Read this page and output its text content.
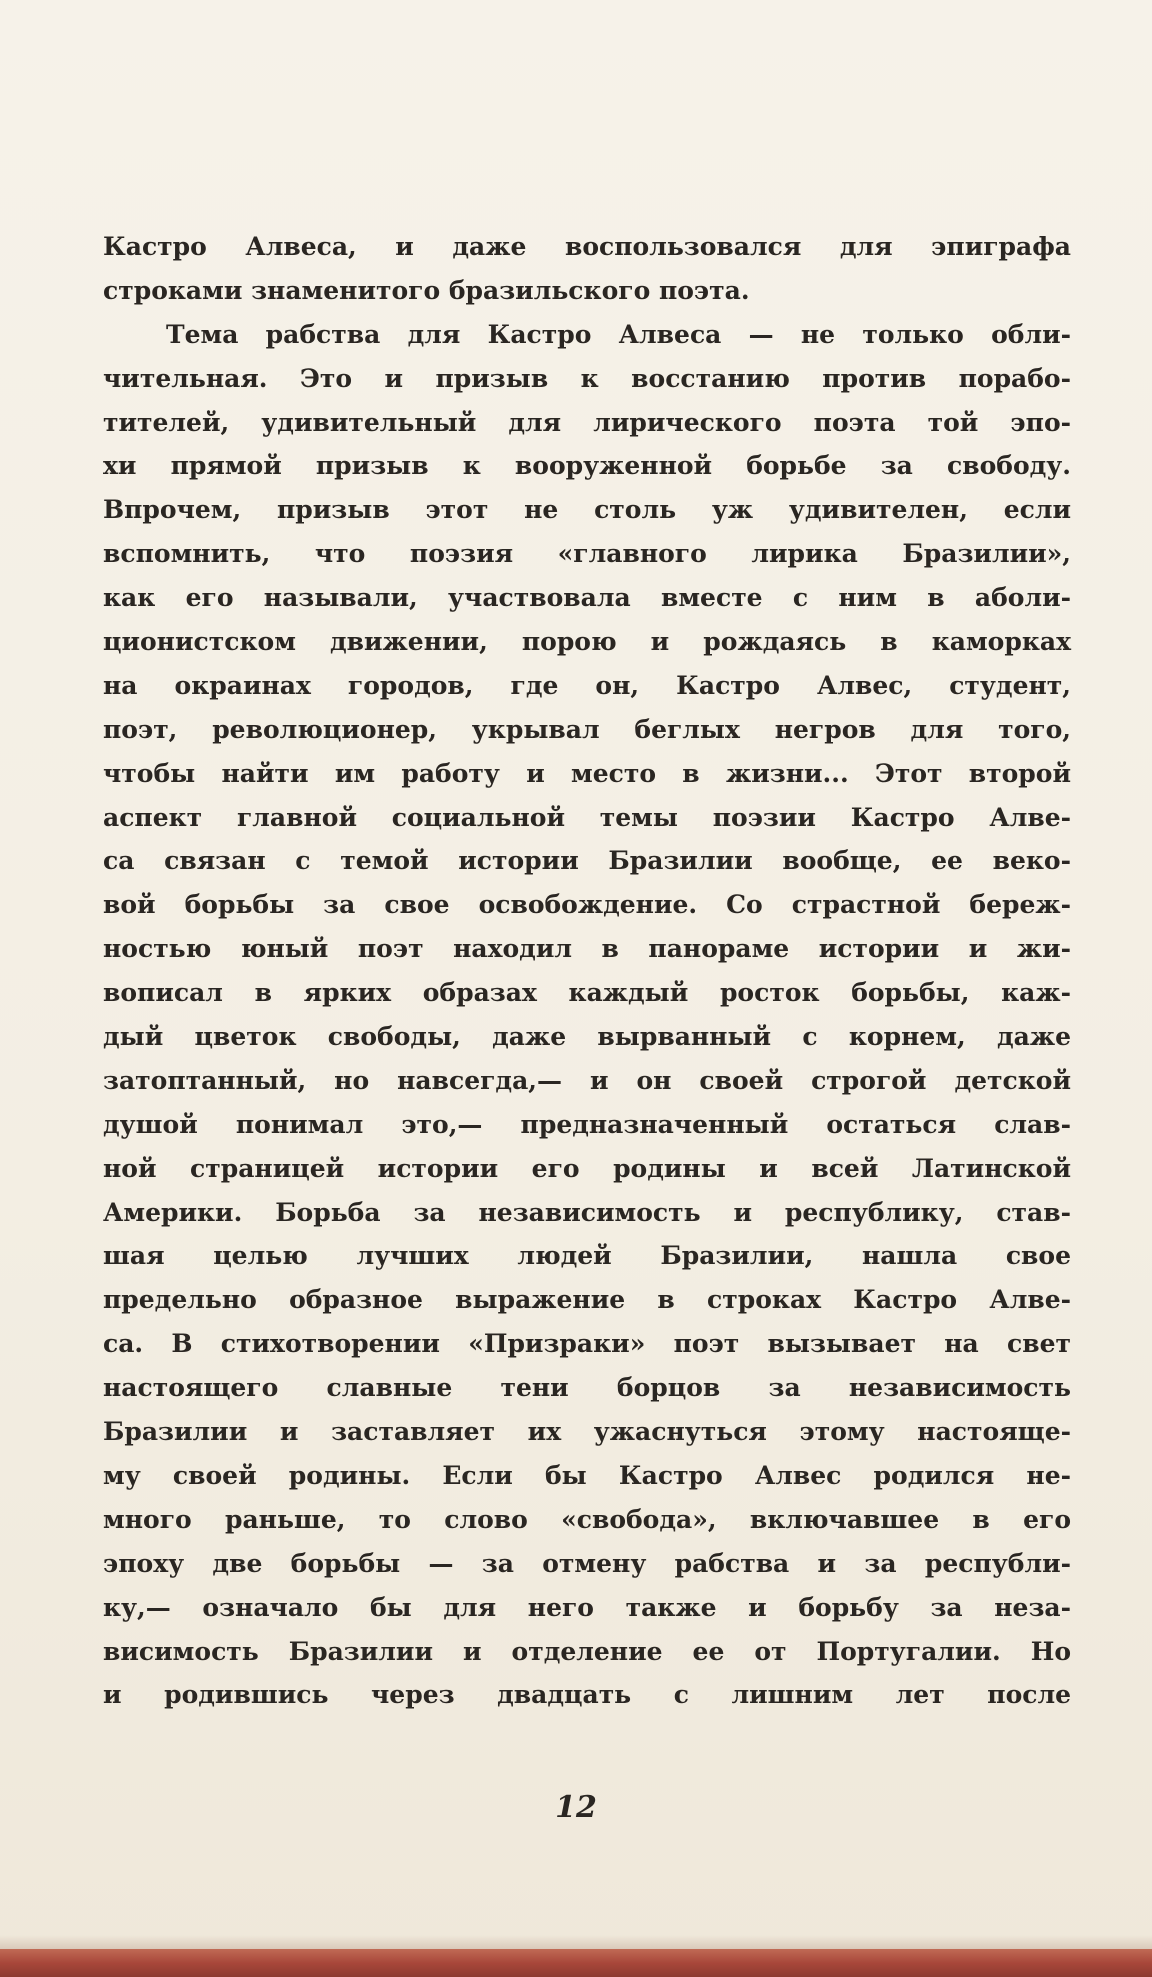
Кастро Алвеса, и даже воспользовался для эпиграфа
строками знаменитого бразильского поэта.
Тема рабства для Кастро Алвеса — не только обли-
чительная. Это и призыв к восстанию против порабо-
тителей, удивительный для лирического поэта той эпо-
хи прямой призыв к вооруженной борьбе за свободу.
Впрочем, призыв этот не столь уж удивителен, если
вспомнить, что поэзия «главного лирика Бразилии»,
как его называли, участвовала вместе с ним в аболи-
ционистском движении, порою и рождаясь в каморках
на окраинах городов, где он, Кастро Алвес, студент,
поэт, революционер, укрывал беглых негров для того,
чтобы найти им работу и место в жизни... Этот второй
аспект главной социальной темы поэзии Кастро Алве-
са связан с темой истории Бразилии вообще, ее веко-
вой борьбы за свое освобождение. Со страстной береж-
ностью юный поэт находил в панораме истории и жи-
вописал в ярких образах каждый росток борьбы, каж-
дый цветок свободы, даже вырванный с корнем, даже
затоптанный, но навсегда,— и он своей строгой детской
душой понимал это,— предназначенный остаться слав-
ной страницей истории его родины и всей Латинской
Америки. Борьба за независимость и республику, став-
шая целью лучших людей Бразилии, нашла свое
предельно образное выражение в строках Кастро Алве-
са. В стихотворении «Призраки» поэт вызывает на свет
настоящего славные тени борцов за независимость
Бразилии и заставляет их ужаснуться этому настояще-
му своей родины. Если бы Кастро Алвес родился не-
много раньше, то слово «свобода», включавшее в его
эпоху две борьбы — за отмену рабства и за республи-
ку,— означало бы для него также и борьбу за неза-
висимость Бразилии и отделение ее от Португалии. Но
и родившись через двадцать с лишним лет после
12
